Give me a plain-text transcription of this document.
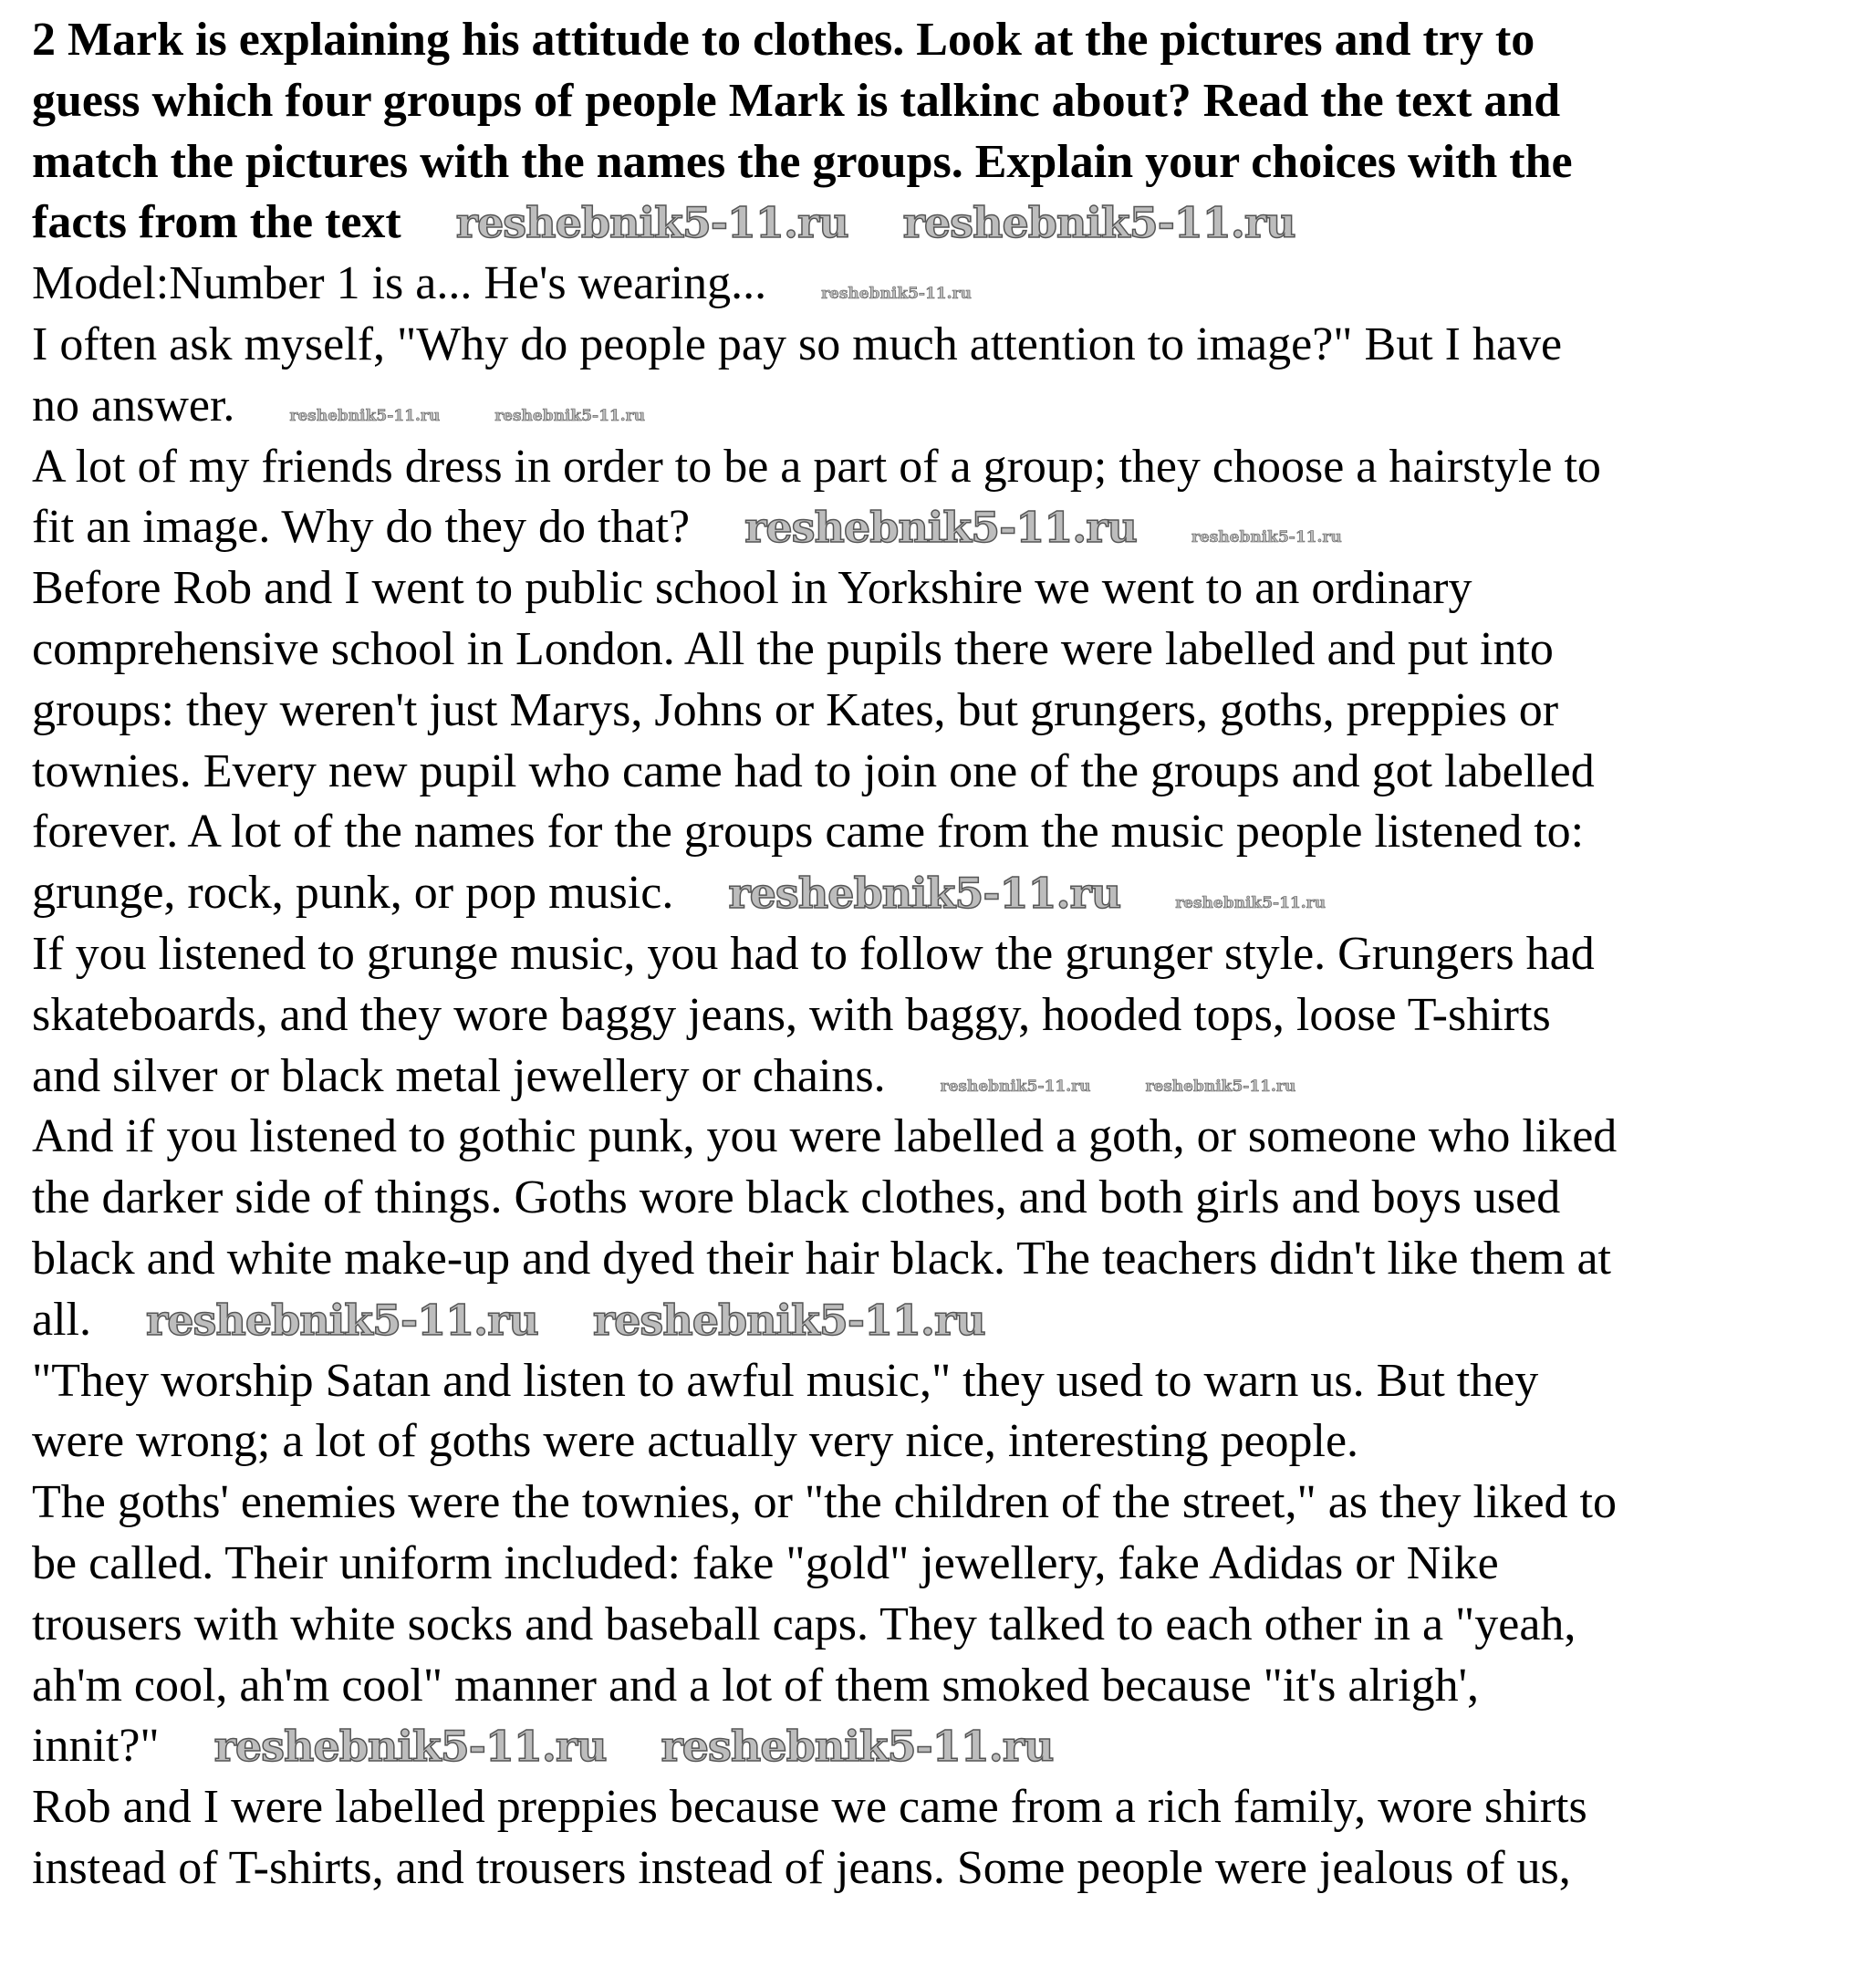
2 Mark is explaining his attitude to clothes. Look at the pictures and try to
guess which four groups of people Mark is talkinc about? Read the text and
match the pictures with the names the groups. Explain your choices with the
facts from the text reshebnik5-11.ru reshebnik5-11.ru
Model:Number 1 is a... He's wearing...	reshebnik5-11.ru
I often ask myself, "Why do people pay so much attention to image?" But I have
no answer.	reshebnik5-11.ru	reshebnik5-11.ru
A lot of my friends dress in order to be a part of a group; they choose a hairstyle to
fit an image. Why do they do that? reshebnik5-11.ru	reshebnik5-11.ru
Before Rob and I went to public school in Yorkshire we went to an ordinary
comprehensive school in London. All the pupils there were labelled and put into
groups: they weren't just Marys, Johns or Kates, but grungers, goths, preppies or
townies. Every new pupil who came had to join one of the groups and got labelled
forever. A lot of the names for the groups came from the music people listened to:
grunge, rock, punk, or pop music. reshebnik5-11.ru	reshebnik5-11.ru
If you listened to grunge music, you had to follow the grunger style. Grungers had
skateboards, and they wore baggy jeans, with baggy, hooded tops, loose T-shirts
and silver or black metal jewellery or chains.	reshebnik5-11.ru	reshebnik5-11.ru
And if you listened to gothic punk, you were labelled a goth, or someone who liked
the darker side of things. Goths wore black clothes, and both girls and boys used
black and white make-up and dyed their hair black. The teachers didn't like them at
all. reshebnik5-11.ru reshebnik5-11.ru
"They worship Satan and listen to awful music," they used to warn us. But they
were wrong; a lot of goths were actually very nice, interesting people.
The goths' enemies were the townies, or "the children of the street," as they liked to
be called. Their uniform included: fake "gold" jewellery, fake Adidas or Nike
trousers with white socks and baseball caps. They talked to each other in a "yeah,
ah'm cool, ah'm cool" manner and a lot of them smoked because "it's alrigh',
innit?" reshebnik5-11.ru reshebnik5-11.ru
Rob and I were labelled preppies because we came from a rich family, wore shirts
instead of T-shirts, and trousers instead of jeans. Some people were jealous of us,
